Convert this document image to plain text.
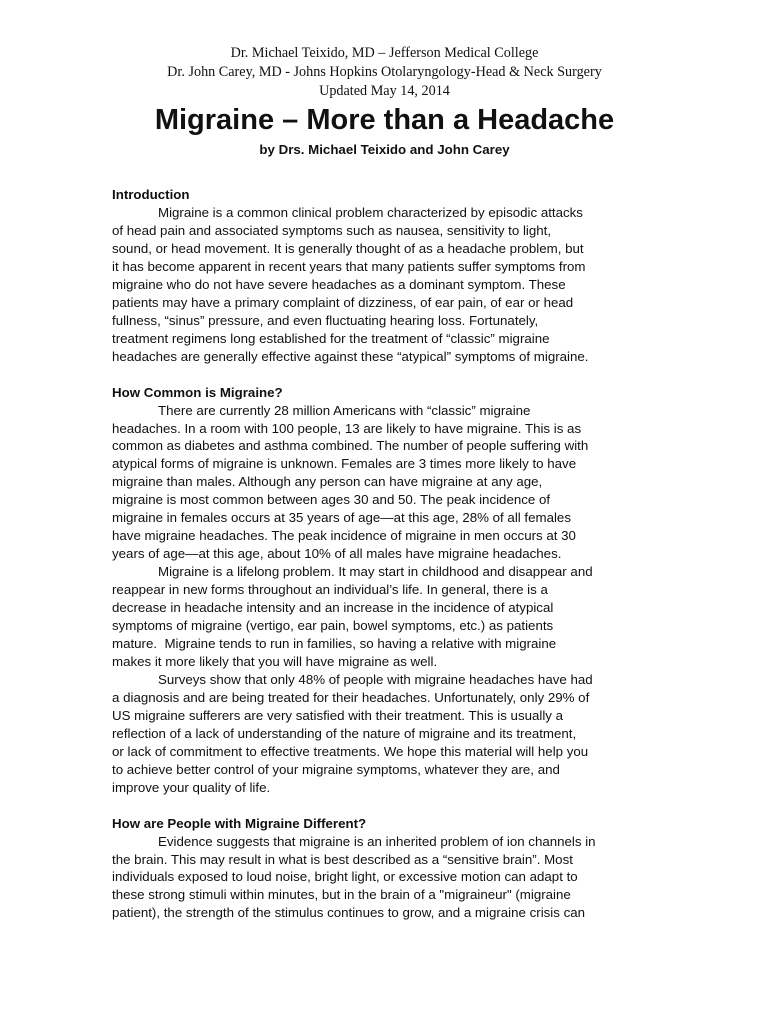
Dr. Michael Teixido, MD – Jefferson Medical College
Dr. John Carey, MD - Johns Hopkins Otolaryngology-Head & Neck Surgery
Updated May 14, 2014
Migraine – More than a Headache
by Drs. Michael Teixido and John Carey
Introduction
Migraine is a common clinical problem characterized by episodic attacks
of head pain and associated symptoms such as nausea, sensitivity to light,
sound, or head movement. It is generally thought of as a headache problem, but
it has become apparent in recent years that many patients suffer symptoms from
migraine who do not have severe headaches as a dominant symptom. These
patients may have a primary complaint of dizziness, of ear pain, of ear or head
fullness, “sinus” pressure, and even fluctuating hearing loss. Fortunately,
treatment regimens long established for the treatment of “classic” migraine
headaches are generally effective against these “atypical” symptoms of migraine.
How Common is Migraine?
There are currently 28 million Americans with “classic” migraine
headaches. In a room with 100 people, 13 are likely to have migraine. This is as
common as diabetes and asthma combined. The number of people suffering with
atypical forms of migraine is unknown. Females are 3 times more likely to have
migraine than males. Although any person can have migraine at any age,
migraine is most common between ages 30 and 50. The peak incidence of
migraine in females occurs at 35 years of age—at this age, 28% of all females
have migraine headaches. The peak incidence of migraine in men occurs at 30
years of age—at this age, about 10% of all males have migraine headaches.
Migraine is a lifelong problem. It may start in childhood and disappear and
reappear in new forms throughout an individual’s life. In general, there is a
decrease in headache intensity and an increase in the incidence of atypical
symptoms of migraine (vertigo, ear pain, bowel symptoms, etc.) as patients
mature.  Migraine tends to run in families, so having a relative with migraine
makes it more likely that you will have migraine as well.
Surveys show that only 48% of people with migraine headaches have had
a diagnosis and are being treated for their headaches. Unfortunately, only 29% of
US migraine sufferers are very satisfied with their treatment. This is usually a
reflection of a lack of understanding of the nature of migraine and its treatment,
or lack of commitment to effective treatments. We hope this material will help you
to achieve better control of your migraine symptoms, whatever they are, and
improve your quality of life.
How are People with Migraine Different?
Evidence suggests that migraine is an inherited problem of ion channels in
the brain. This may result in what is best described as a “sensitive brain”. Most
individuals exposed to loud noise, bright light, or excessive motion can adapt to
these strong stimuli within minutes, but in the brain of a "migraineur" (migraine
patient), the strength of the stimulus continues to grow, and a migraine crisis can
